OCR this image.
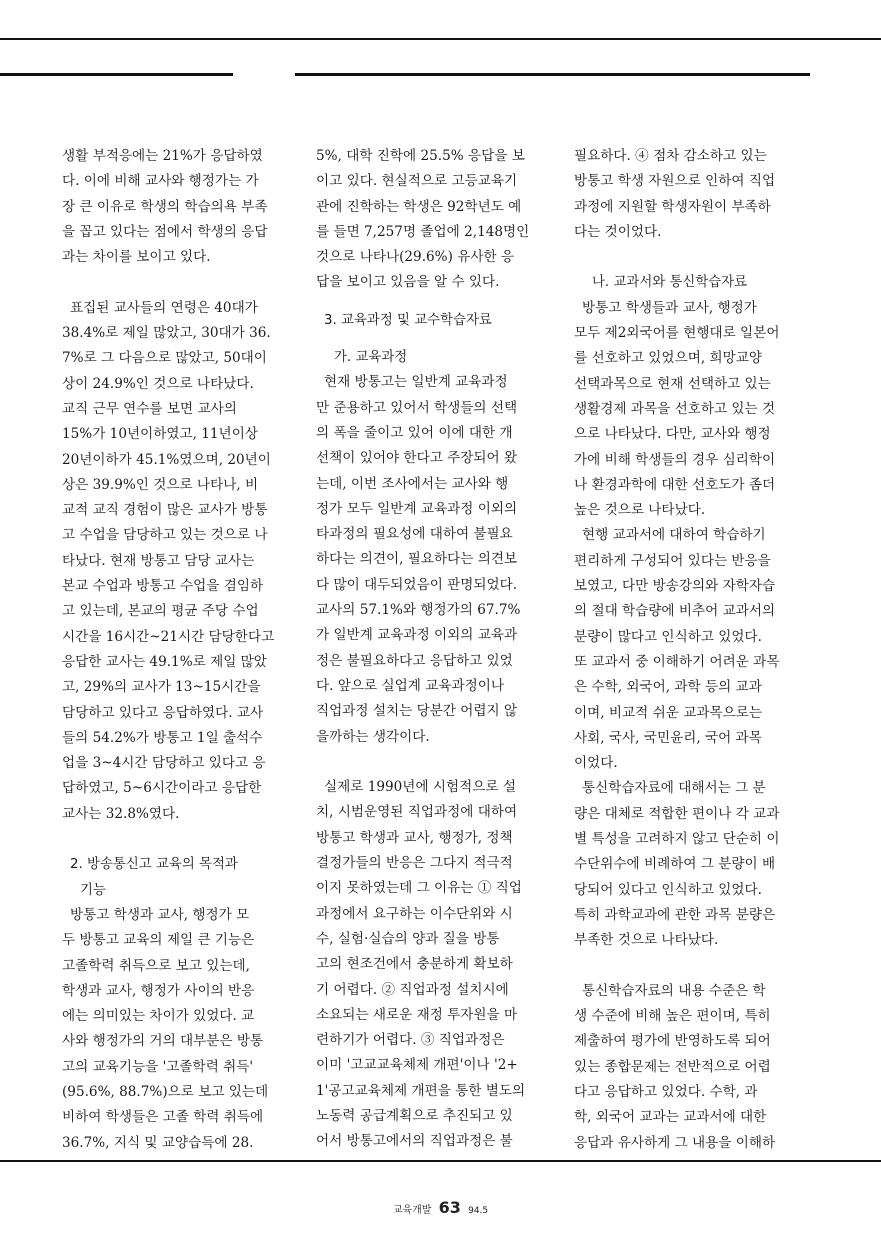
생활 부적응에는 21%가 응답하였
다. 이에 비해 교사와 행정가는 가
장 큰 이유로 학생의 학습의욕 부족
을 꼽고 있다는 점에서 학생의 응답
과는 차이를 보이고 있다.
표집된 교사들의 연령은 40대가
38.4%로 제일 많았고, 30대가 36.
7%로 그 다음으로 많았고, 50대이
상이 24.9%인 것으로 나타났다.
교직 근무 연수를 보면 교사의
15%가 10년이하였고, 11년이상
20년이하가 45.1%였으며, 20년이
상은 39.9%인 것으로 나타나, 비
교적 교직 경험이 많은 교사가 방통
고 수업을 담당하고 있는 것으로 나
타났다. 현재 방통고 담당 교사는
본교 수업과 방통고 수업을 겸임하
고 있는데, 본교의 평균 주당 수업
시간을 16시간~21시간 담당한다고
응답한 교사는 49.1%로 제일 많았
고, 29%의 교사가 13~15시간을
담당하고 있다고 응답하였다. 교사
들의 54.2%가 방통고 1일 출석수
업을 3~4시간 담당하고 있다고 응
답하였고, 5~6시간이라고 응답한
교사는 32.8%였다.
2. 방송통신고 교육의 목적과
기능
방통고 학생과 교사, 행정가 모
두 방통고 교육의 제일 큰 기능은
고졸학력 취득으로 보고 있는데,
학생과 교사, 행정가 사이의 반응
에는 의미있는 차이가 있었다. 교
사와 행정가의 거의 대부분은 방통
고의 교육기능을 '고졸학력 취득'
(95.6%, 88.7%)으로 보고 있는데
비하여 학생들은 고졸 학력 취득에
36.7%, 지식 및 교양습득에 28.
5%, 대학 진학에 25.5% 응답을 보
이고 있다. 현실적으로 고등교육기
관에 진학하는 학생은 92학년도 예
를 들면 7,257명 졸업에 2,148명인
것으로 나타나(29.6%) 유사한 응
답을 보이고 있음을 알 수 있다.
3. 교육과정 및 교수학습자료
가. 교육과정
현재 방통고는 일반계 교육과정
만 준용하고 있어서 학생들의 선택
의 폭을 줄이고 있어 이에 대한 개
선책이 있어야 한다고 주장되어 왔
는데, 이번 조사에서는 교사와 행
정가 모두 일반계 교육과정 이외의
타과정의 필요성에 대하여 불필요
하다는 의견이, 필요하다는 의견보
다 많이 대두되었음이 판명되었다.
교사의 57.1%와 행정가의 67.7%
가 일반계 교육과정 이외의 교육과
정은 불필요하다고 응답하고 있었
다. 앞으로 실업계 교육과정이나
직업과정 설치는 당분간 어렵지 않
을까하는 생각이다.
실제로 1990년에 시험적으로 설
치, 시범운영된 직업과정에 대하여
방통고 학생과 교사, 행정가, 정책
결정가들의 반응은 그다지 적극적
이지 못하였는데 그 이유는 ① 직업
과정에서 요구하는 이수단위와 시
수, 실험·실습의 양과 질을 방통
고의 현조건에서 충분하게 확보하
기 어렵다. ② 직업과정 설치시에
소요되는 새로운 재정 투자원을 마
련하기가 어렵다. ③ 직업과정은
이미 '고교교육체제 개편'이나 '2+
1'공고교육체제 개편을 통한 별도의
노동력 공급계획으로 추진되고 있
어서 방통고에서의 직업과정은 불
필요하다. ④ 점차 감소하고 있는
방통고 학생 자원으로 인하여 직업
과정에 지원할 학생자원이 부족하
다는 것이었다.
나. 교과서와 통신학습자료
방통고 학생들과 교사, 행정가
모두 제2외국어를 현행대로 일본어
를 선호하고 있었으며, 희망교양
선택과목으로 현재 선택하고 있는
생활경제 과목을 선호하고 있는 것
으로 나타났다. 다만, 교사와 행정
가에 비해 학생들의 경우 심리학이
나 환경과학에 대한 선호도가 좀더
높은 것으로 나타났다.
현행 교과서에 대하여 학습하기
편리하게 구성되어 있다는 반응을
보였고, 다만 방송강의와 자학자습
의 절대 학습량에 비추어 교과서의
분량이 많다고 인식하고 있었다.
또 교과서 중 이해하기 어려운 과목
은 수학, 외국어, 과학 등의 교과
이며, 비교적 쉬운 교과목으로는
사회, 국사, 국민윤리, 국어 과목
이었다.
통신학습자료에 대해서는 그 분
량은 대체로 적합한 편이나 각 교과
별 특성을 고려하지 않고 단순히 이
수단위수에 비례하여 그 분량이 배
당되어 있다고 인식하고 있었다.
특히 과학교과에 관한 과목 분량은
부족한 것으로 나타났다.
통신학습자료의 내용 수준은 학
생 수준에 비해 높은 편이며, 특히
제출하여 평가에 반영하도록 되어
있는 종합문제는 전반적으로 어렵
다고 응답하고 있었다. 수학, 과
학, 외국어 교과는 교과서에 대한
응답과 유사하게 그 내용을 이해하
교육개발 63 94.5
